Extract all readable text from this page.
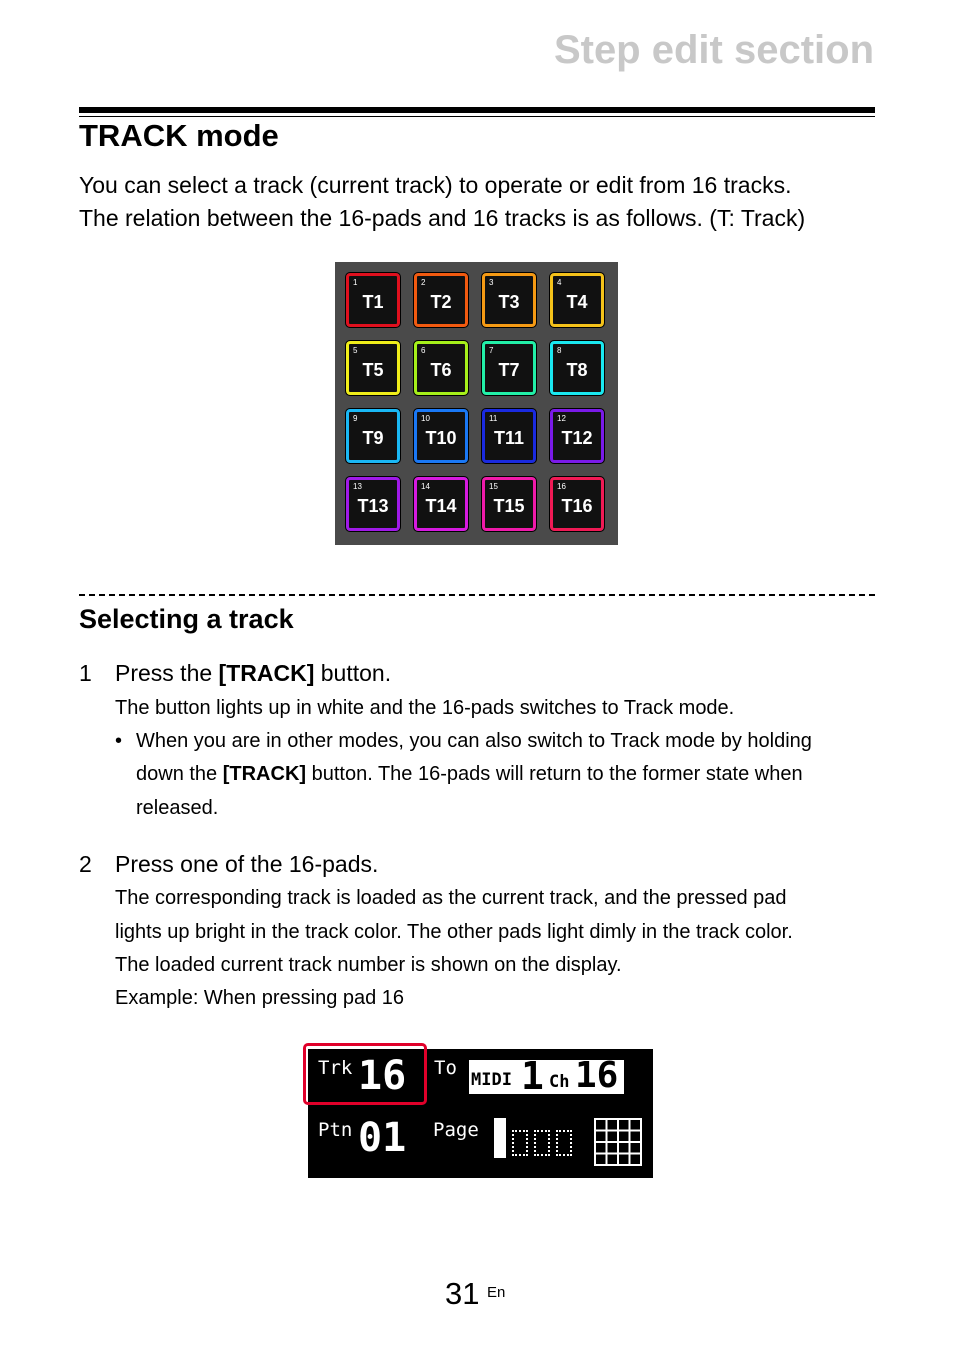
Step edit section
TRACK mode
You can select a track (current track) to operate or edit from 16 tracks.
The relation between the 16-pads and 16 tracks is as follows. (T: Track)
1
T1
2
T2
3
T3
4
T4
5
T5
6
T6
7
T7
8
T8
9
T9
10
T10
11
T11
12
T12
13
T13
14
T14
15
T15
16
T16
Selecting a track
1 Press the [TRACK] button.
The button lights up in white and the 16-pads switches to Track mode.
• When you are in other modes, you can also switch to Track mode by holding
down the [TRACK] button. The 16-pads will return to the former state when
released.
2 Press one of the 16-pads.
The corresponding track is loaded as the current track, and the pressed pad
lights up bright in the track color. The other pads light dimly in the track color.
The loaded current track number is shown on the display.
Example: When pressing pad 16
Trk 16 To
MIDI 1 Ch 16
Ptn 01 Page
31 En
